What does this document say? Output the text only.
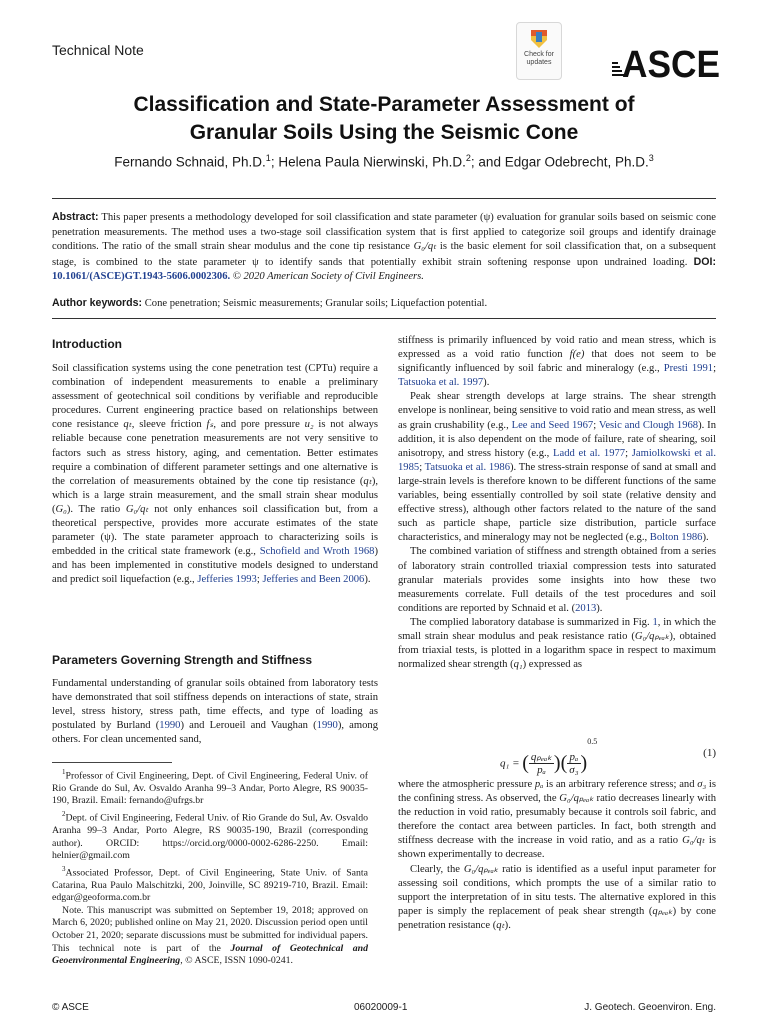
Technical Note	Check for
updates ASCE
Classification and State-Parameter Assessment of
Granular Soils Using the Seismic Cone
Fernando Schnaid, Ph.D.$^1$; Helena Paula Nierwinski, Ph.D.$^2$; and Edgar Odebrecht, Ph.D.$^3$
Abstract: This paper presents a methodology developed for soil classification and state parameter (ψ) evaluation for granular soils based on seismic cone penetration measurements. The method uses a two-stage soil classification system that is first applied to categorize soil groups and identify drainage conditions. The ratio of the small strain shear modulus and the cone tip resistance G₀/qₜ is the basic element for soil classification that, on a subsequent stage, is combined to the state parameter ψ to identify sands that potentially exhibit strain softening response upon undrained loading. DOI: 10.1061/(ASCE)GT.1943-5606.0002306. © 2020 American Society of Civil Engineers.
Author keywords: Cone penetration; Seismic measurements; Granular soils; Liquefaction potential.
Introduction

Soil classification systems using the cone penetration test (CPTu) require a combination of independent measurements to enable a preliminary assessment of geotechnical soil conditions by verifiable and reproducible procedures. Current engineering practice based on relationships between cone resistance qₜ, sleeve friction fₛ, and pore pressure u₂ is not always reliable because cone penetration measurements are not very sensitive to factors such as stress history, aging, and cementation. Better estimates require a combination of different parameter settings and one alternative is the correlation of measurements obtained by the cone tip resistance (qₜ), which is a large strain measurement, and the small strain shear modulus (G₀). The ratio G₀/qₜ not only enhances soil classification but, from a theoretical perspective, provides more accurate estimates of the state parameter (ψ). The state parameter approach to characterizing soils is embedded in the critical state framework (e.g., Schofield and Wroth 1968) and has been implemented in constitutive models designed to understand and predict soil liquefaction (e.g., Jefferies 1993; Jefferies and Been 2006).

Parameters Governing Strength and Stiffness

Fundamental understanding of granular soils obtained from laboratory tests have demonstrated that soil stiffness depends on interactions of state, strain level, stress history, stress path, time effects, and type of loading as postulated by Burland (1990) and Leroueil and Vaughan (1990), among others. For clean uncemented sand,

$^1$Professor of Civil Engineering, Dept. of Civil Engineering, Federal Univ. of Rio Grande do Sul, Av. Osvaldo Aranha 99–3 Andar, Porto Alegre, RS 90035-190, Brazil. Email: fernando@ufrgs.br

$^2$Dept. of Civil Engineering, Federal Univ. of Rio Grande do Sul, Av. Osvaldo Aranha 99–3 Andar, Porto Alegre, RS 90035-190, Brazil (corresponding author). ORCID: https://orcid.org/0000-0002-6286-2250. Email: helnier@gmail.com

$^3$Associated Professor, Dept. of Civil Engineering, State Univ. of Santa Catarina, Rua Paulo Malschitzki, 200, Joinville, SC 89219-710, Brazil. Email: edgar@geoforma.com.br

Note. This manuscript was submitted on September 19, 2018; approved on March 6, 2020; published online on May 21, 2020. Discussion period open until October 21, 2020; separate discussions must be submitted for individual papers. This technical note is part of the Journal of Geotechnical and Geoenvironmental Engineering, © ASCE, ISSN 1090-0241.

stiffness is primarily influenced by void ratio and mean stress, which is expressed as a void ratio function f(e) that does not seem to be significantly influenced by soil fabric and mineralogy (e.g., Presti 1991; Tatsuoka et al. 1997).

Peak shear strength develops at large strains. The shear strength envelope is nonlinear, being sensitive to void ratio and mean stress, as well as grain crushability (e.g., Lee and Seed 1967; Vesic and Clough 1968). In addition, it is also dependent on the mode of failure, rate of shearing, soil anisotropy, and stress history (e.g., Ladd et al. 1977; Jamiolkowski et al. 1985; Tatsuoka et al. 1986). The stress-strain response of sand at small and large-strain levels is therefore known to be different functions of the same variables, being essentially controlled by soil state (relative density and effective stress), although other factors related to the nature of the sand such as particle shape, particle size distribution, particle surface characteristics, and mineralogy may not be neglected (e.g., Bolton 1986).

The combined variation of stiffness and strength obtained from a series of laboratory strain controlled triaxial compression tests into saturated granular materials provides some insights into how these two measurements correlate. Full details of the test procedures and soil conditions are reported by Schnaid et al. (2013).

The complied laboratory database is summarized in Fig. 1, in which the small strain shear modulus and peak resistance ratio (G₀/qₚₑₐₖ), obtained from triaxial tests, is plotted in a logarithm space in respect to maximum normalized shear strength (q₁) expressed as

q₁ = ( $\frac{\text{qₚₑₐₖ}}{\text{pₐ}}$ )( $\frac{\text{pₐ}}{\text{σ₃}} )^{0.5}$
(1)

where the atmospheric pressure pₐ is an arbitrary reference stress; and σ₃ is the confining stress. As observed, the G₀/qₚₑₐₖ ratio decreases linearly with the reduction in void ratio, presumably because it controls soil fabric, and therefore the contact area between particles. In fact, both strength and stiffness decrease with the increase in void ratio, and as a ratio G₀/qₜ is shown experimentally to decrease.

Clearly, the G₀/qₚₑₐₖ ratio is identified as a useful input parameter for assessing soil conditions, which prompts the use of a similar ratio to support the interpretation of in situ tests. The alternative explored in this paper is simply the replacement of peak shear strength (qₚₑₐₖ) by cone penetration resistance (qₜ).

© ASCE	06020009-1	J. Geotech. Geoenviron. Eng.
